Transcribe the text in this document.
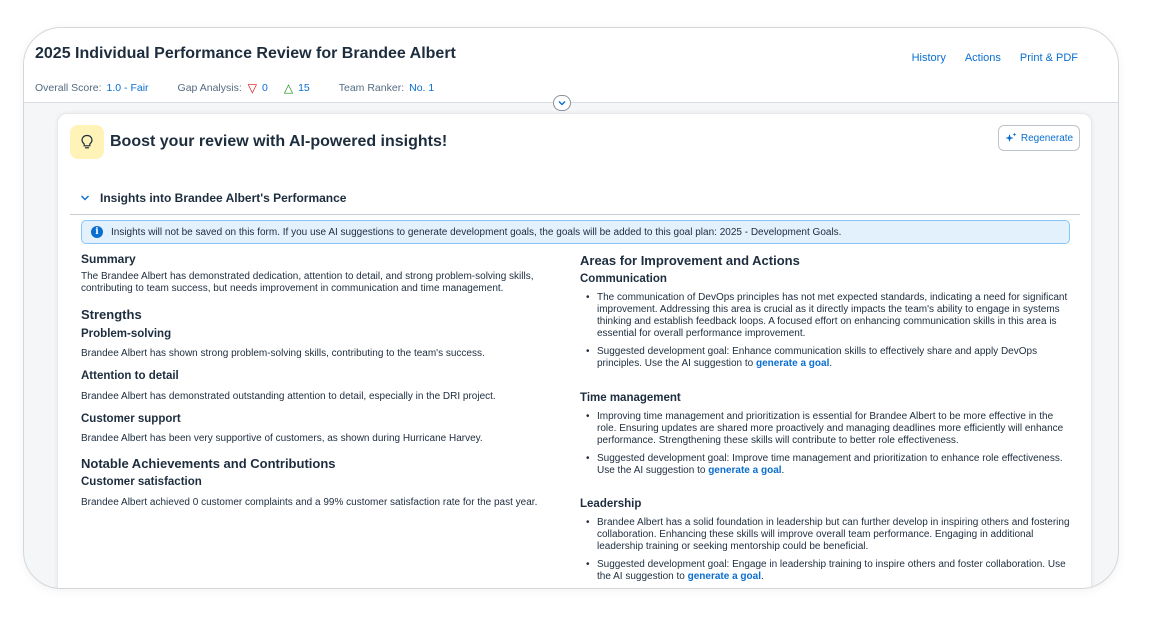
2025 Individual Performance Review for Brandee Albert	History Actions Print & PDF
Overall Score: 1.0 - Fair	Gap Analysis: ▽ 0 △ 15	Team Ranker: No. 1
Boost your review with AI-powered insights!	Regenerate
Insights into Brandee Albert's Performance
i	Insights will not be saved on this form. If you use AI suggestions to generate development goals, the goals will be added to this goal plan: 2025 - Development Goals.
Summary
The Brandee Albert has demonstrated dedication, attention to detail, and strong problem-solving skills, contributing to team success, but needs improvement in communication and time management.
Strengths
Problem-solving
Brandee Albert has shown strong problem-solving skills, contributing to the team's success.
Attention to detail
Brandee Albert has demonstrated outstanding attention to detail, especially in the DRI project.
Customer support
Brandee Albert has been very supportive of customers, as shown during Hurricane Harvey.
Notable Achievements and Contributions
Customer satisfaction
Brandee Albert achieved 0 customer complaints and a 99% customer satisfaction rate for the past year.
Areas for Improvement and Actions
Communication
• The communication of DevOps principles has not met expected standards, indicating a need for significant improvement. Addressing this area is crucial as it directly impacts the team's ability to engage in systems thinking and establish feedback loops. A focused effort on enhancing communication skills in this area is essential for overall performance improvement.
• Suggested development goal: Enhance communication skills to effectively share and apply DevOps principles. Use the AI suggestion to generate a goal.
Time management
• Improving time management and prioritization is essential for Brandee Albert to be more effective in the role. Ensuring updates are shared more proactively and managing deadlines more efficiently will enhance performance. Strengthening these skills will contribute to better role effectiveness.
• Suggested development goal: Improve time management and prioritization to enhance role effectiveness. Use the AI suggestion to generate a goal.
Leadership
• Brandee Albert has a solid foundation in leadership but can further develop in inspiring others and fostering collaboration. Enhancing these skills will improve overall team performance. Engaging in additional leadership training or seeking mentorship could be beneficial.
• Suggested development goal: Engage in leadership training to inspire others and foster collaboration. Use the AI suggestion to generate a goal.
